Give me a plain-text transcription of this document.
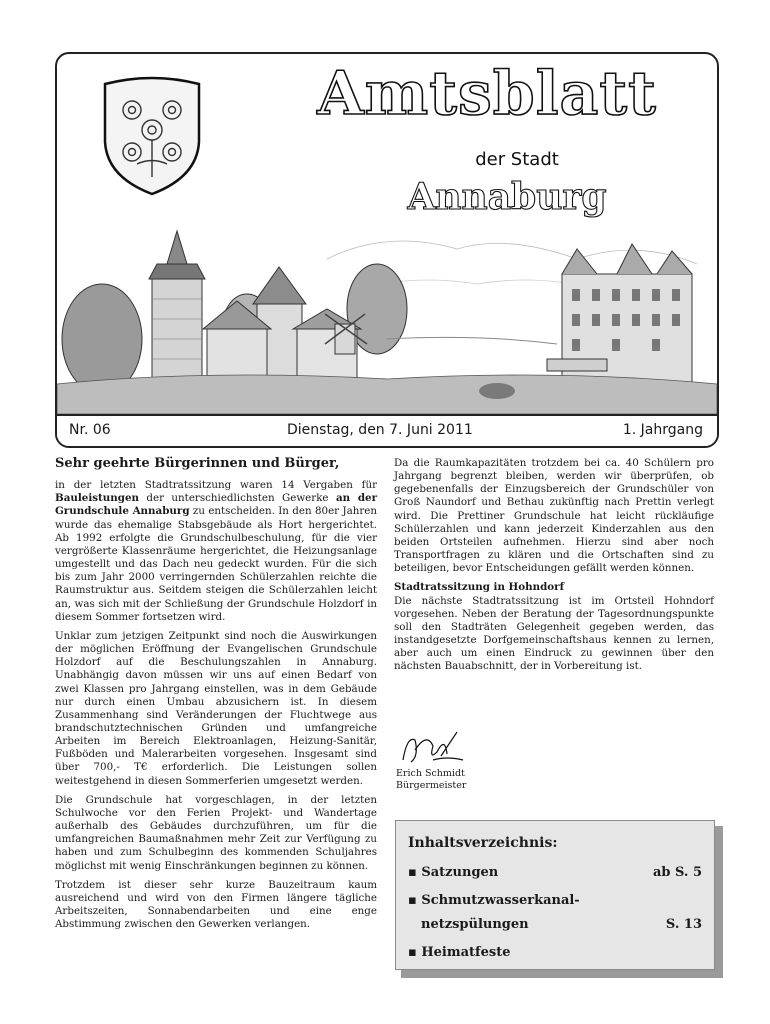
Amtsblatt
der Stadt
Annaburg
Nr. 06	Dienstag, den 7. Juni 2011	1. Jahrgang

Sehr geehrte Bürgerinnen und Bürger,

in der letzten Stadtratssitzung waren 14 Vergaben für Bauleistungen der unterschiedlichsten Gewerke an der Grundschule Annaburg zu entscheiden. In den 80er Jahren wurde das ehemalige Stabsgebäude als Hort hergerichtet. Ab 1992 erfolgte die Grundschulbeschulung, für die vier vergrößerte Klassenräume hergerichtet, die Heizungsanlage umgestellt und das Dach neu gedeckt wurden. Für die sich bis zum Jahr 2000 verringernden Schülerzahlen reichte die Raumstruktur aus. Seitdem steigen die Schülerzahlen leicht an, was sich mit der Schließung der Grundschule Holzdorf in diesem Sommer fortsetzen wird.

Unklar zum jetzigen Zeitpunkt sind noch die Auswirkungen der möglichen Eröffnung der Evangelischen Grundschule Holzdorf auf die Beschulungszahlen in Annaburg. Unabhängig davon müssen wir uns auf einen Bedarf von zwei Klassen pro Jahrgang einstellen, was in dem Gebäude nur durch einen Umbau abzusichern ist. In diesem Zusammenhang sind Veränderungen der Fluchtwege aus brandschutztechnischen Gründen und umfangreiche Arbeiten im Bereich Elektroanlagen, Heizung-Sanitär, Fußböden und Malerarbeiten vorgesehen. Insgesamt sind über 700,- T€ erforderlich. Die Leistungen sollen weitestgehend in diesen Sommerferien umgesetzt werden.

Die Grundschule hat vorgeschlagen, in der letzten Schulwoche vor den Ferien Projekt- und Wandertage außerhalb des Gebäudes durchzuführen, um für die umfangreichen Baumaßnahmen mehr Zeit zur Verfügung zu haben und zum Schulbeginn des kommenden Schuljahres möglichst mit wenig Einschränkungen beginnen zu können.

Trotzdem ist dieser sehr kurze Bauzeitraum kaum ausreichend und wird von den Firmen längere tägliche Arbeitszeiten, Sonnabendarbeiten und eine enge Abstimmung zwischen den Gewerken verlangen.

Da die Raumkapazitäten trotzdem bei ca. 40 Schülern pro Jahrgang begrenzt bleiben, werden wir überprüfen, ob gegebenenfalls der Einzugsbereich der Grundschüler von Groß Naundorf und Bethau zukünftig nach Prettin verlegt wird. Die Prettiner Grundschule hat leicht rückläufige Schülerzahlen und kann jederzeit Kinderzahlen aus den beiden Ortsteilen aufnehmen. Hierzu sind aber noch Transportfragen zu klären und die Ortschaften sind zu beteiligen, bevor Entscheidungen gefällt werden können.

Stadtratssitzung in Hohndorf

Die nächste Stadtratssitzung ist im Ortsteil Hohndorf vorgesehen. Neben der Beratung der Tagesordnungspunkte soll den Stadträten Gelegenheit gegeben werden, das instandgesetzte Dorfgemeinschaftshaus kennen zu lernen, aber auch um einen Eindruck zu gewinnen über den nächsten Bauabschnitt, der in Vorbereitung ist.

Erich Schmidt
Bürgermeister
Inhaltsverzeichnis:
▪ Satzungen	ab S. 5
▪ Schmutzwasserkanal-
netzspülungen	S. 13
▪ Heimatfeste
